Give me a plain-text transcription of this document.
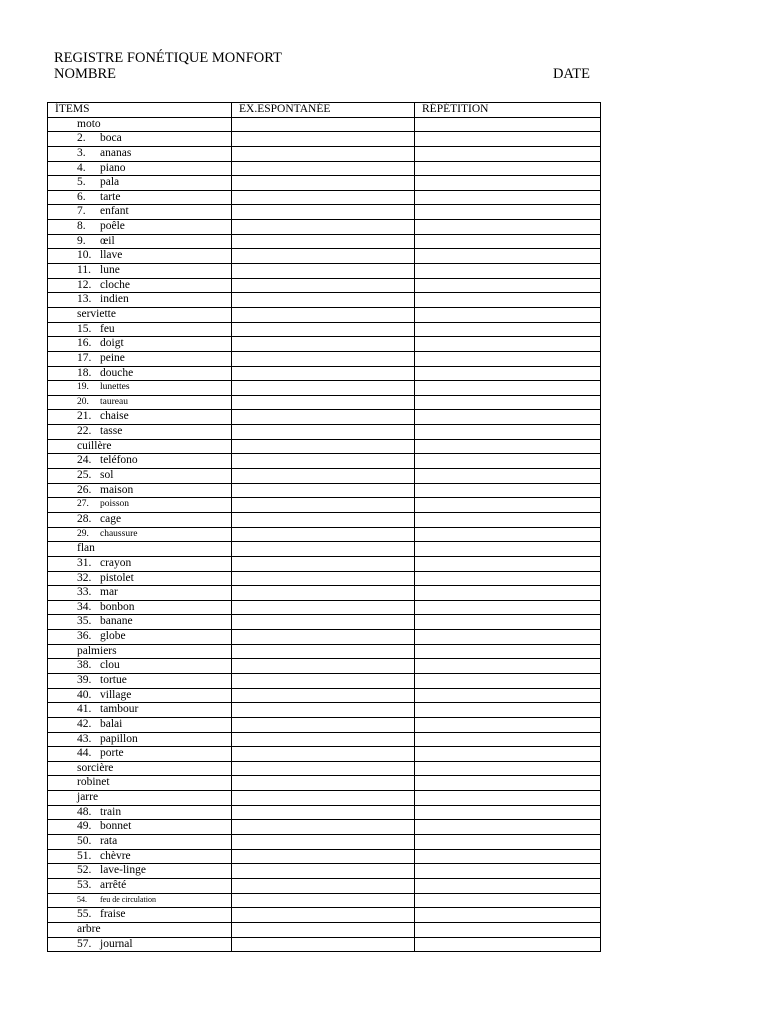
REGISTRE FONÉTIQUE MONFORT
NOMBRE	DATE
ÍTEMS	EX.ESPONTANÉE	RÉPÉTITION
moto		
2. boca		
3. ananas		
4. piano		
5. pala		
6. tarte		
7. enfant		
8. poêle		
9. œil		
10. llave		
11. lune		
12. cloche		
13. indien		
serviette		
15. feu		
16. doigt		
17. peine		
18. douche		
19. lunettes		
20. taureau		
21. chaise		
22. tasse		
cuillère		
24. teléfono		
25. sol		
26. maison		
27. poisson		
28. cage		
29. chaussure		
flan		
31. crayon		
32. pistolet		
33. mar		
34. bonbon		
35. banane		
36. globe		
palmiers		
38. clou		
39. tortue		
40. village		
41. tambour		
42. balai		
43. papillon		
44. porte		
sorcière		
robinet		
jarre		
48. train		
49. bonnet		
50. rata		
51. chèvre		
52. lave-linge		
53. arrêté		
54. feu de circulation		
55. fraise		
arbre		
57. journal		
